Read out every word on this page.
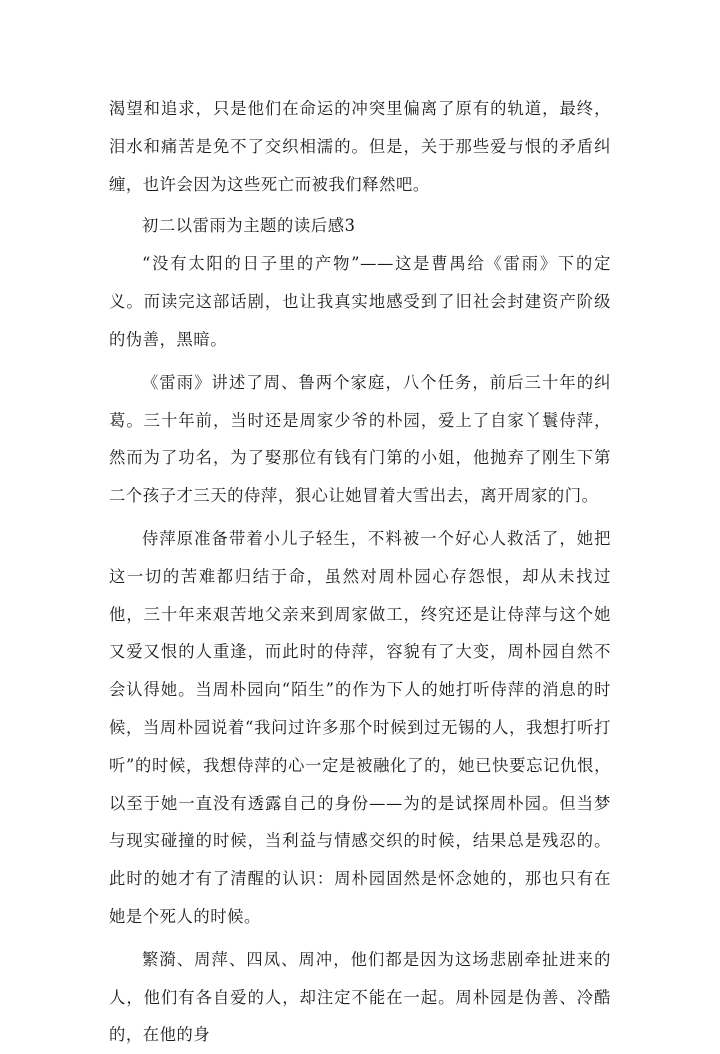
渴望和追求，只是他们在命运的冲突里偏离了原有的轨道，最终，泪水和痛苦是免不了交织相濡的。但是，关于那些爱与恨的矛盾纠缠，也许会因为这些死亡而被我们释然吧。

初二以雷雨为主题的读后感3

“没有太阳的日子里的产物”——这是曹禺给《雷雨》下的定义。而读完这部话剧，也让我真实地感受到了旧社会封建资产阶级的伪善，黑暗。

《雷雨》讲述了周、鲁两个家庭，八个任务，前后三十年的纠葛。三十年前，当时还是周家少爷的朴园，爱上了自家丫鬟侍萍，然而为了功名，为了娶那位有钱有门第的小姐，他抛弃了刚生下第二个孩子才三天的侍萍，狠心让她冒着大雪出去，离开周家的门。

侍萍原准备带着小儿子轻生，不料被一个好心人救活了，她把这一切的苦难都归结于命，虽然对周朴园心存怨恨，却从未找过他，三十年来艰苦地父亲来到周家做工，终究还是让侍萍与这个她又爱又恨的人重逢，而此时的侍萍，容貌有了大变，周朴园自然不会认得她。当周朴园向“陌生”的作为下人的她打听侍萍的消息的时候，当周朴园说着“我问过许多那个时候到过无锡的人，我想打听打听”的时候，我想侍萍的心一定是被融化了的，她已快要忘记仇恨，以至于她一直没有透露自己的身份——为的是试探周朴园。但当梦与现实碰撞的时候，当利益与情感交织的时候，结果总是残忍的。此时的她才有了清醒的认识：周朴园固然是怀念她的，那也只有在她是个死人的时候。

繁漪、周萍、四凤、周冲，他们都是因为这场悲剧牵扯进来的人，他们有各自爱的人，却注定不能在一起。周朴园是伪善、冷酷的，在他的身
